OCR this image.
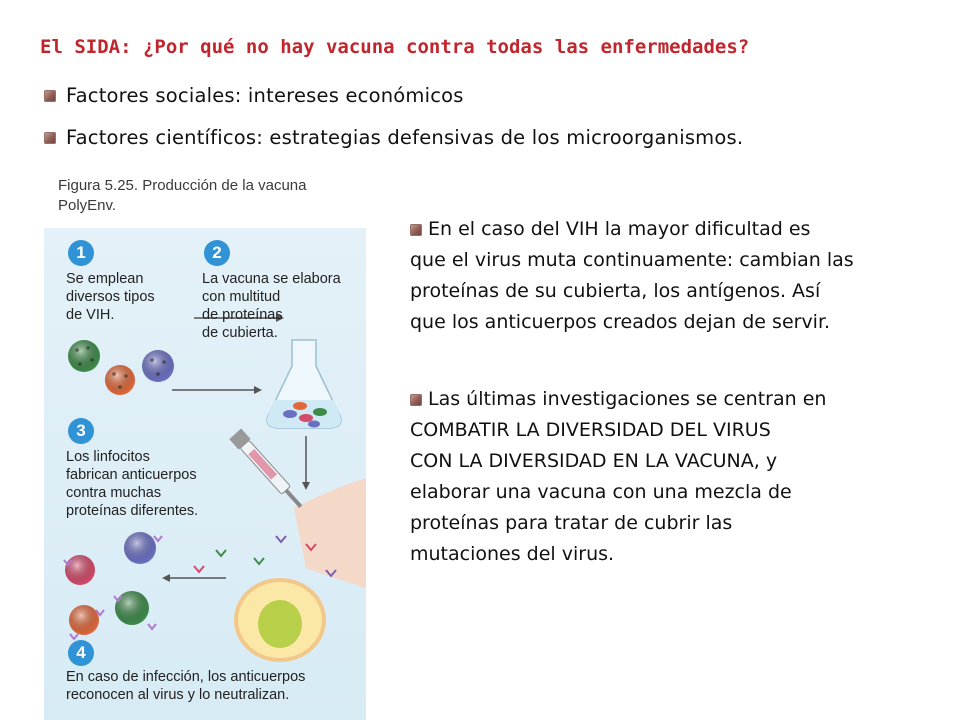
El SIDA: ¿Por qué no hay vacuna contra todas las enfermedades?
Factores sociales: intereses económicos
Factores científicos: estrategias defensivas de los microorganismos.
Figura 5.25. Producción de la vacuna
PolyEnv.
1
Se emplean
diversos tipos
de VIH.
2
La vacuna se elabora
con multitud
de proteínas
de cubierta.
3
Los linfocitos
fabrican anticuerpos
contra muchas
proteínas diferentes.
4
En caso de infección, los anticuerpos
reconocen al virus y lo neutralizan.
En el caso del VIH la mayor dificultad es
que el virus muta continuamente: cambian las
proteínas de su cubierta, los antígenos. Así
que los anticuerpos creados dejan de servir.
Las últimas investigaciones se centran en
COMBATIR LA DIVERSIDAD DEL VIRUS
CON LA DIVERSIDAD EN LA VACUNA, y
elaborar una vacuna con una mezcla de
proteínas para tratar de cubrir las
mutaciones del virus.
